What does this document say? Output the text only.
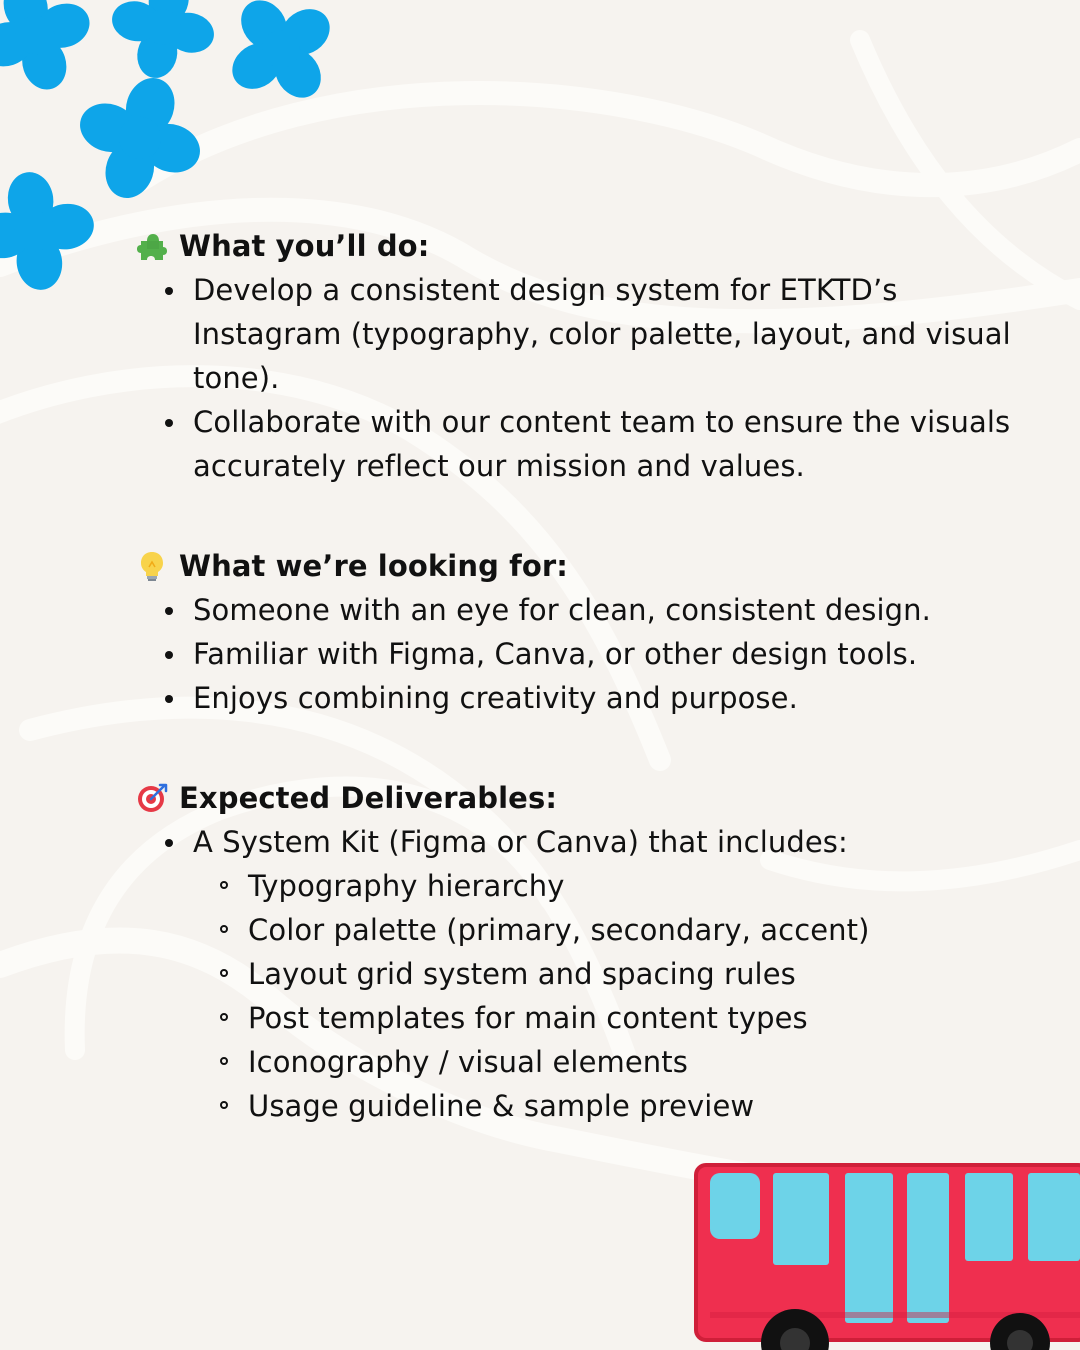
What you’ll do:
Develop a consistent design system for ETKTD’s Instagram (typography, color palette, layout, and visual tone).
Collaborate with our content team to ensure the visuals accurately reflect our mission and values.
What we’re looking for:
Someone with an eye for clean, consistent design.
Familiar with Figma, Canva, or other design tools.
Enjoys combining creativity and purpose.
Expected Deliverables:
A System Kit (Figma or Canva) that includes:
Typography hierarchy
Color palette (primary, secondary, accent)
Layout grid system and spacing rules
Post templates for main content types
Iconography / visual elements
Usage guideline & sample preview
